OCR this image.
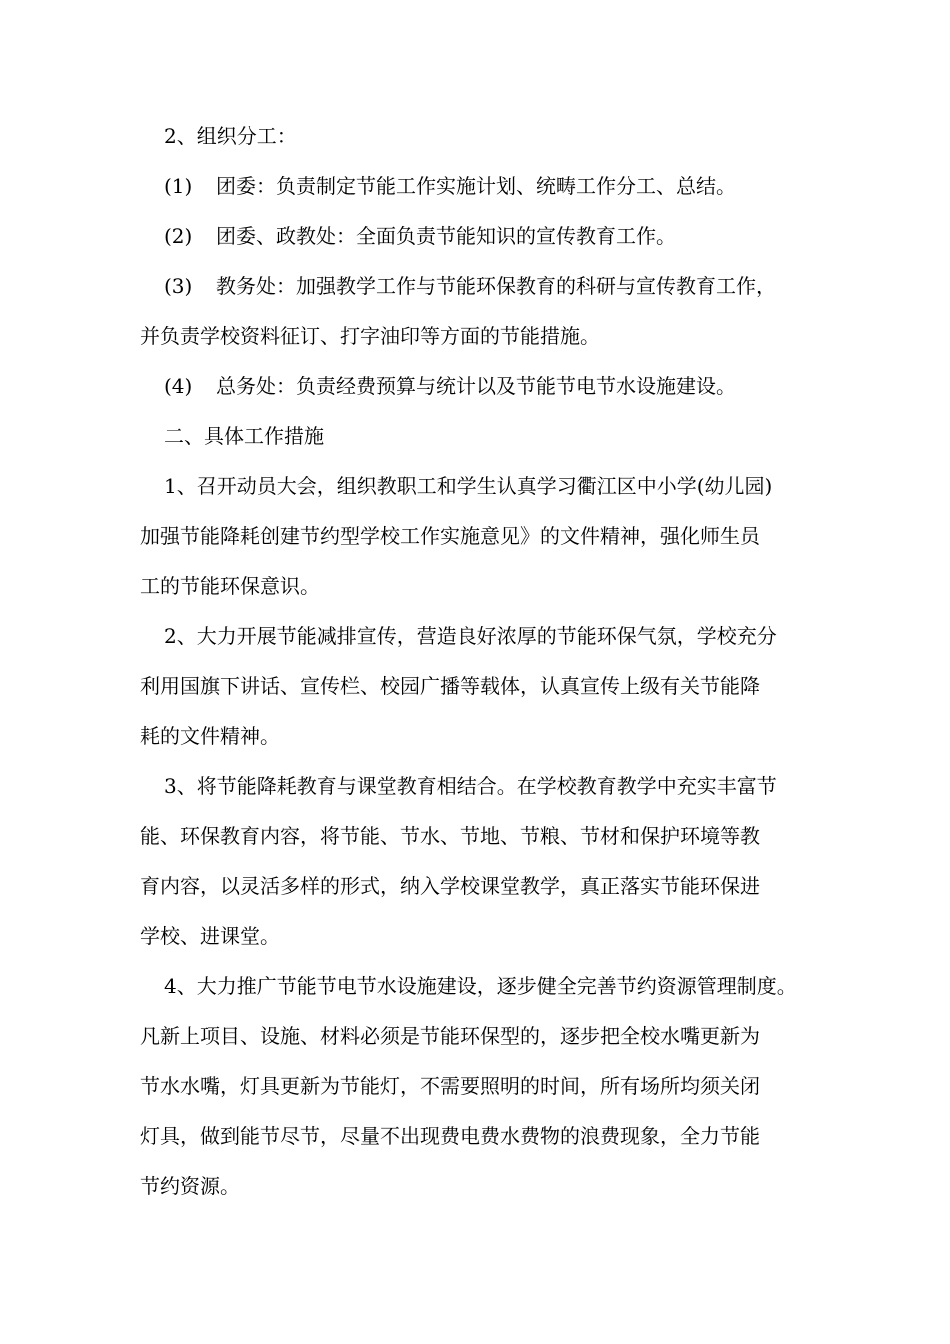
2、组织分工：
(1) 团委：负责制定节能工作实施计划、统畴工作分工、总结。
(2) 团委、政教处：全面负责节能知识的宣传教育工作。
(3) 教务处：加强教学工作与节能环保教育的科研与宣传教育工作，
并负责学校资料征订、打字油印等方面的节能措施。
(4) 总务处：负责经费预算与统计以及节能节电节水设施建设。
二、具体工作措施
1、召开动员大会，组织教职工和学生认真学习衢江区中小学(幼儿园)
加强节能降耗创建节约型学校工作实施意见》的文件精神，强化师生员
工的节能环保意识。
2、大力开展节能减排宣传，营造良好浓厚的节能环保气氛，学校充分
利用国旗下讲话、宣传栏、校园广播等载体，认真宣传上级有关节能降
耗的文件精神。
3、将节能降耗教育与课堂教育相结合。在学校教育教学中充实丰富节
能、环保教育内容，将节能、节水、节地、节粮、节材和保护环境等教
育内容，以灵活多样的形式，纳入学校课堂教学，真正落实节能环保进
学校、进课堂。
4、大力推广节能节电节水设施建设，逐步健全完善节约资源管理制度。
凡新上项目、设施、材料必须是节能环保型的，逐步把全校水嘴更新为
节水水嘴，灯具更新为节能灯，不需要照明的时间，所有场所均须关闭
灯具，做到能节尽节，尽量不出现费电费水费物的浪费现象，全力节能
节约资源。
